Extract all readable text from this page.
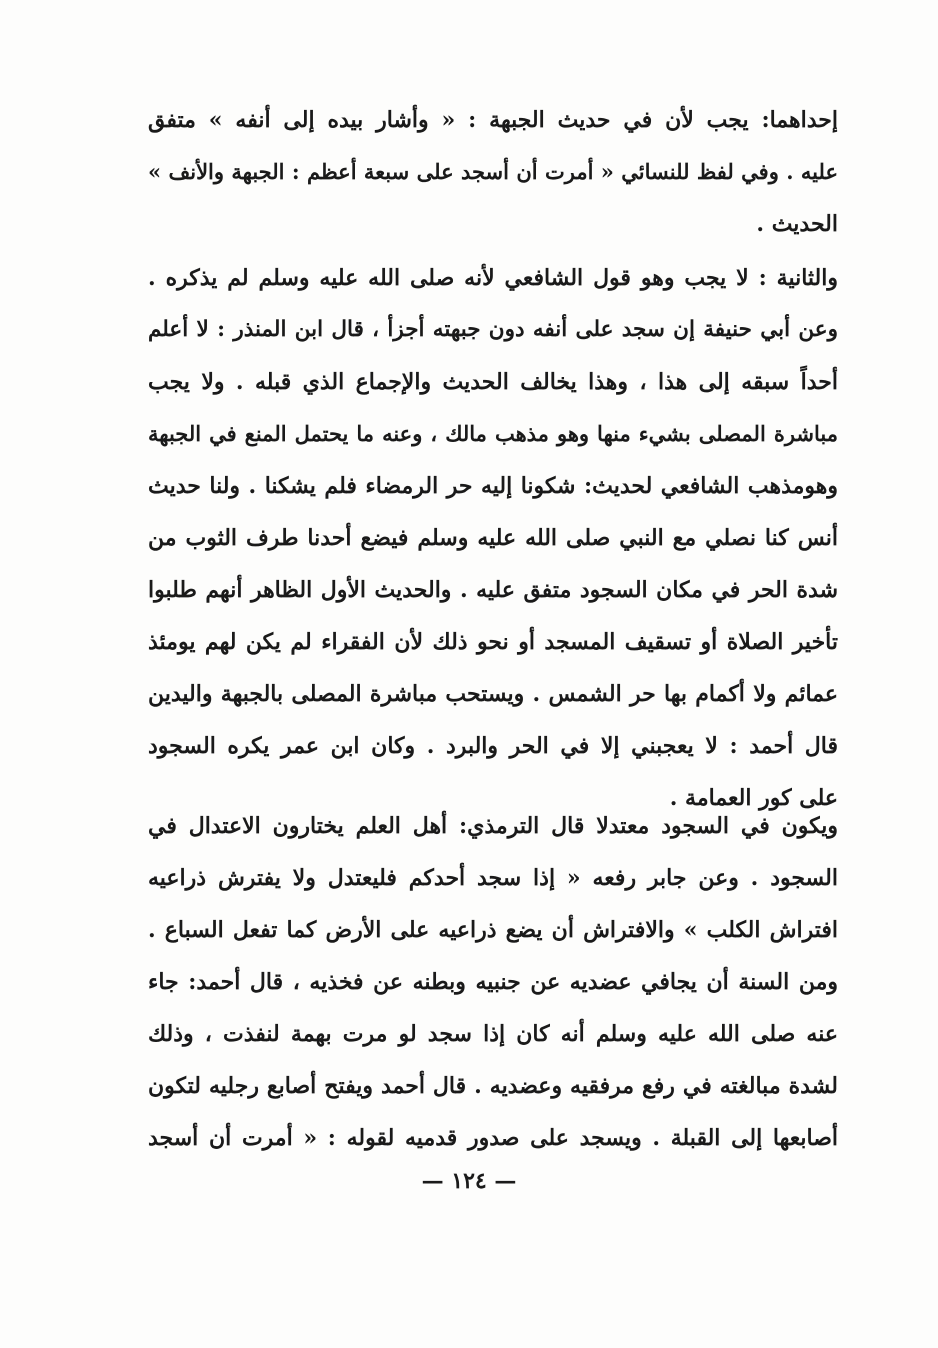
إحداهما: يجب لأن في حديث الجبهة : « وأشار بيده إلى أنفه » متفق
عليه . وفي لفظ للنسائي « أمرت أن أسجد على سبعة أعظم : الجبهة والأنف »
الحديث .
والثانية : لا يجب وهو قول الشافعي لأنه صلى الله عليه وسلم لم يذكره .
وعن أبي حنيفة إن سجد على أنفه دون جبهته أجزأ ، قال ابن المنذر : لا أعلم
أحداً سبقه إلى هذا ، وهذا يخالف الحديث والإجماع الذي قبله . ولا يجب
مباشرة المصلى بشيء منها وهو مذهب مالك ، وعنه ما يحتمل المنع في الجبهة
وهومذهب الشافعي لحديث: شكونا إليه حر الرمضاء فلم يشكنا . ولنا حديث
أنس كنا نصلي مع النبي صلى الله عليه وسلم فيضع أحدنا طرف الثوب من
شدة الحر في مكان السجود متفق عليه . والحديث الأول الظاهر أنهم طلبوا
تأخير الصلاة أو تسقيف المسجد أو نحو ذلك لأن الفقراء لم يكن لهم يومئذ
عمائم ولا أكمام بها حر الشمس . ويستحب مباشرة المصلى بالجبهة واليدين
قال أحمد : لا يعجبني إلا في الحر والبرد . وكان ابن عمر يكره السجود
على كور العمامة .
ويكون في السجود معتدلا قال الترمذي: أهل العلم يختارون الاعتدال في
السجود . وعن جابر رفعه « إذا سجد أحدكم فليعتدل ولا يفترش ذراعيه
افتراش الكلب » والافتراش أن يضع ذراعيه على الأرض كما تفعل السباع .
ومن السنة أن يجافي عضديه عن جنبيه وبطنه عن فخذيه ، قال أحمد: جاء
عنه صلى الله عليه وسلم أنه كان إذا سجد لو مرت بهمة لنفذت ، وذلك
لشدة مبالغته في رفع مرفقيه وعضديه . قال أحمد ويفتح أصابع رجليه لتكون
أصابعها إلى القبلة . ويسجد على صدور قدميه لقوله : « أمرت أن أسجد
— ١٢٤ —
